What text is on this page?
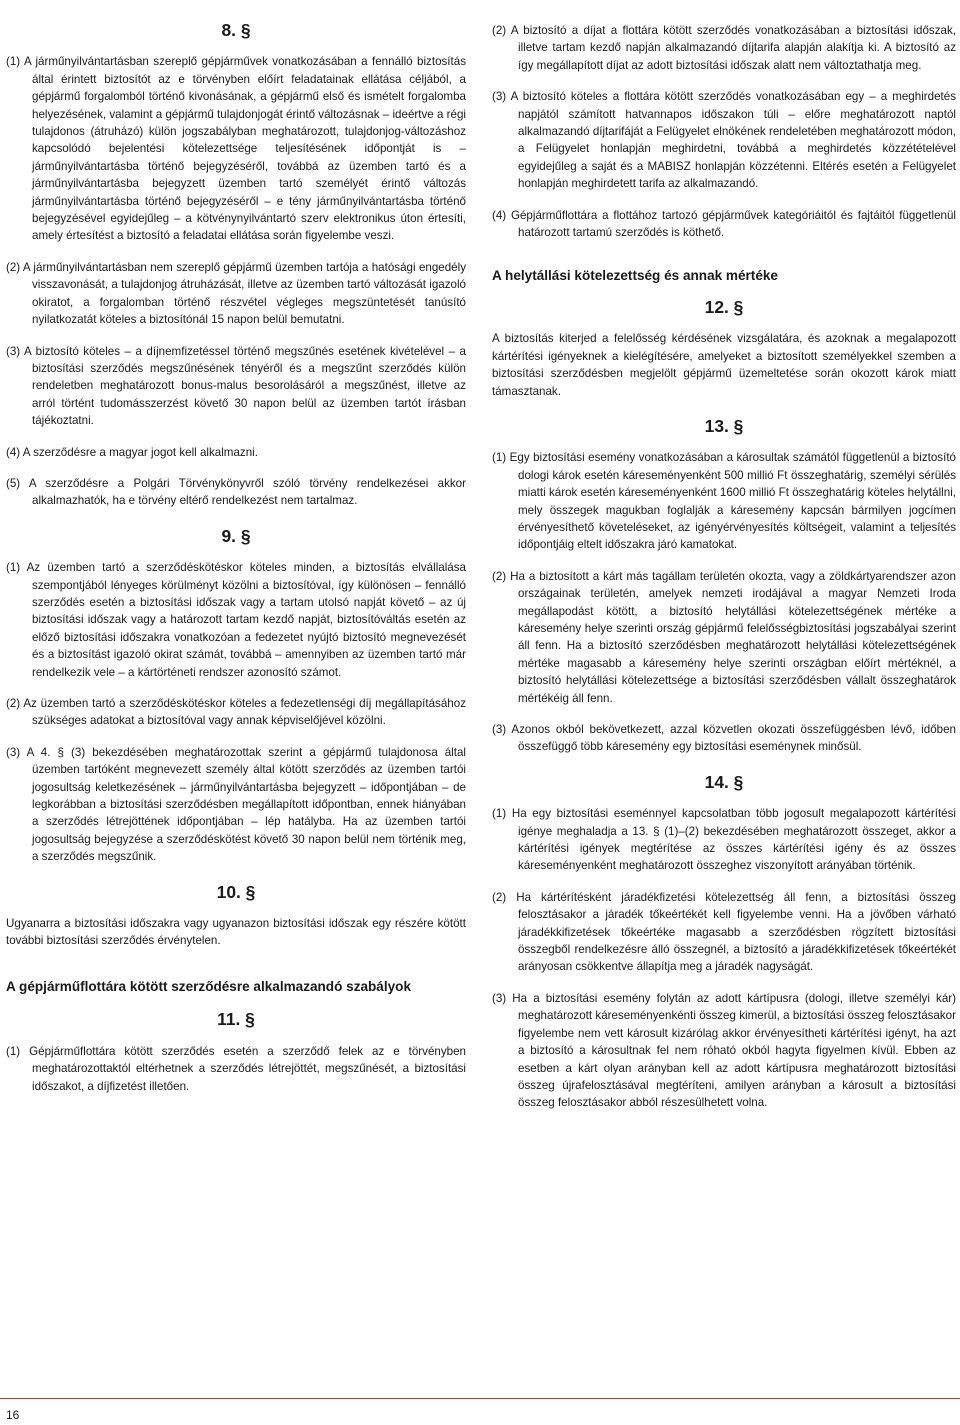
8. §

(1) A járműnyilvántartásban szereplő gépjárművek vonatkozásában a fennálló biztosítás által érintett biztosítót az e törvényben előírt feladatainak ellátása céljából, a gépjármű forgalomból történő kivonásának, a gépjármű első és ismételt forgalomba helyezésének, valamint a gépjármű tulajdonjogát érintő változásnak – ideértve a régi tulajdonos (átruházó) külön jogszabályban meghatározott, tulajdonjog-változáshoz kapcsolódó bejelentési kötelezettsége teljesítésének időpontját is – járműnyilvántartásba történő bejegyzéséről, továbbá az üzemben tartó és a járműnyilvántartásba bejegyzett üzemben tartó személyét érintő változás járműnyilvántartásba történő bejegyzéséről – e tény járműnyilvántartásba történő bejegyzésével egyidejűleg – a kötvénynyilvántartó szerv elektronikus úton értesíti, amely értesítést a biztosító a feladatai ellátása során figyelembe veszi.

(2) A járműnyilvántartásban nem szereplő gépjármű üzemben tartója a hatósági engedély visszavonását, a tulajdonjog átruházását, illetve az üzemben tartó változását igazoló okiratot, a forgalomban történő részvétel végleges megszüntetését tanúsító nyilatkozatát köteles a biztosítónál 15 napon belül bemutatni.

(3) A biztosító köteles – a díjnemfizetéssel történő megszűnés esetének kivételével – a biztosítási szerződés megszűnésének tényéről és a megszűnt szerződés külön rendeletben meghatározott bonus-malus besorolásáról a megszűnést, illetve az arról történt tudomásszerzést követő 30 napon belül az üzemben tartót írásban tájékoztatni.

(4) A szerződésre a magyar jogot kell alkalmazni.

(5) A szerződésre a Polgári Törvénykönyvről szóló törvény rendelkezései akkor alkalmazhatók, ha e törvény eltérő rendelkezést nem tartalmaz.

9. §

(1) Az üzemben tartó a szerződéskötéskor köteles minden, a biztosítás elvállalása szempontjából lényeges körülményt közölni a biztosítóval, így különösen – fennálló szerződés esetén a biztosítási időszak vagy a tartam utolsó napját követő – az új biztosítási időszak vagy a határozott tartam kezdő napját, biztosítóváltás esetén az előző biztosítási időszakra vonatkozóan a fedezetet nyújtó biztosító megnevezését és a biztosítást igazoló okirat számát, továbbá – amennyiben az üzemben tartó már rendelkezik vele – a kártörténeti rendszer azonosító számot.

(2) Az üzemben tartó a szerződéskötéskor köteles a fedezetlenségi díj megállapításához szükséges adatokat a biztosítóval vagy annak képviselőjével közölni.

(3) A 4. § (3) bekezdésében meghatározottak szerint a gépjármű tulajdonosa által üzemben tartóként megnevezett személy által kötött szerződés az üzemben tartói jogosultság keletkezésének – járműnyilvántartásba bejegyzett – időpontjában – de legkorábban a biztosítási szerződésben megállapított időpontban, ennek hiányában a szerződés létrejöttének időpontjában – lép hatályba. Ha az üzemben tartói jogosultság bejegyzése a szerződéskötést követő 30 napon belül nem történik meg, a szerződés megszűnik.

10. §

Ugyanarra a biztosítási időszakra vagy ugyanazon biztosítási időszak egy részére kötött további biztosítási szerződés érvénytelen.

A gépjárműflottára kötött szerződésre alkalmazandó szabályok
11. §

(1) Gépjárműflottára kötött szerződés esetén a szerződő felek az e törvényben meghatározottaktól eltérhetnek a szerződés létrejöttét, megszűnését, a biztosítási időszakot, a díjfizetést illetően.

(2) A biztosító a díjat a flottára kötött szerződés vonatkozásában a biztosítási időszak, illetve tartam kezdő napján alkalmazandó díjtarifa alapján alakítja ki. A biztosító az így megállapított díjat az adott biztosítási időszak alatt nem változtathatja meg.

(3) A biztosító köteles a flottára kötött szerződés vonatkozásában egy – a meghirdetés napjától számított hatvannapos időszakon túli – előre meghatározott naptól alkalmazandó díjtarifáját a Felügyelet elnökének rendeletében meghatározott módon, a Felügyelet honlapján meghirdetni, továbbá a meghirdetés közzétételével egyidejűleg a saját és a MABISZ honlapján közzétenni. Eltérés esetén a Felügyelet honlapján meghirdetett tarifa az alkalmazandó.

(4) Gépjárműflottára a flottához tartozó gépjárművek kategóriáitól és fajtáitól függetlenül határozott tartamú szerződés is köthető.

A helytállási kötelezettség és annak mértéke
12. §

A biztosítás kiterjed a felelősség kérdésének vizsgálatára, és azoknak a megalapozott kártérítési igényeknek a kielégítésére, amelyeket a biztosított személyekkel szemben a biztosítási szerződésben megjelölt gépjármű üzemeltetése során okozott károk miatt támasztanak.

13. §

(1) Egy biztosítási esemény vonatkozásában a károsultak számától függetlenül a biztosító dologi károk esetén káreseményenként 500 millió Ft összeghatárig, személyi sérülés miatti károk esetén káreseményenként 1600 millió Ft összeghatárig köteles helytállni, mely összegek magukban foglalják a káresemény kapcsán bármilyen jogcímen érvényesíthető követeléseket, az igényérvényesítés költségeit, valamint a teljesítés időpontjáig eltelt időszakra járó kamatokat.

(2) Ha a biztosított a kárt más tagállam területén okozta, vagy a zöldkártyarendszer azon országainak területén, amelyek nemzeti irodájával a magyar Nemzeti Iroda megállapodást kötött, a biztosító helytállási kötelezettségének mértéke a káresemény helye szerinti ország gépjármű felelősségbiztosítási jogszabályai szerint áll fenn. Ha a biztosító szerződésben meghatározott helytállási kötelezettségének mértéke magasabb a káresemény helye szerinti országban előírt mértéknél, a biztosító helytállási kötelezettsége a biztosítási szerződésben vállalt összeghatárok mértékéig áll fenn.

(3) Azonos okból bekövetkezett, azzal közvetlen okozati összefüggésben lévő, időben összefüggő több káresemény egy biztosítási eseménynek minősül.

14. §

(1) Ha egy biztosítási eseménnyel kapcsolatban több jogosult megalapozott kártérítési igénye meghaladja a 13. § (1)–(2) bekezdésében meghatározott összeget, akkor a kártérítési igények megtérítése az összes kártérítési igény és az összes káreseményenként meghatározott összeghez viszonyított arányában történik.

(2) Ha kártérítésként járadékfizetési kötelezettség áll fenn, a biztosítási összeg felosztásakor a járadék tőkeértékét kell figyelembe venni. Ha a jövőben várható járadékkifizetések tőkeértéke magasabb a szerződésben rögzített biztosítási összegből rendelkezésre álló összegnél, a biztosító a járadékkifizetések tőkeértékét arányosan csökkentve állapítja meg a járadék nagyságát.

(3) Ha a biztosítási esemény folytán az adott kártípusra (dologi, illetve személyi kár) meghatározott káreseményenkénti összeg kimerül, a biztosítási összeg felosztásakor figyelembe nem vett károsult kizárólag akkor érvényesítheti kártérítési igényt, ha azt a biztosító a károsultnak fel nem róható okból hagyta figyelmen kívül. Ebben az esetben a kárt olyan arányban kell az adott kártípusra meghatározott biztosítási összeg újrafelosztásával megtéríteni, amilyen arányban a károsult a biztosítási összeg felosztásakor abból részesülhetett volna.

16
